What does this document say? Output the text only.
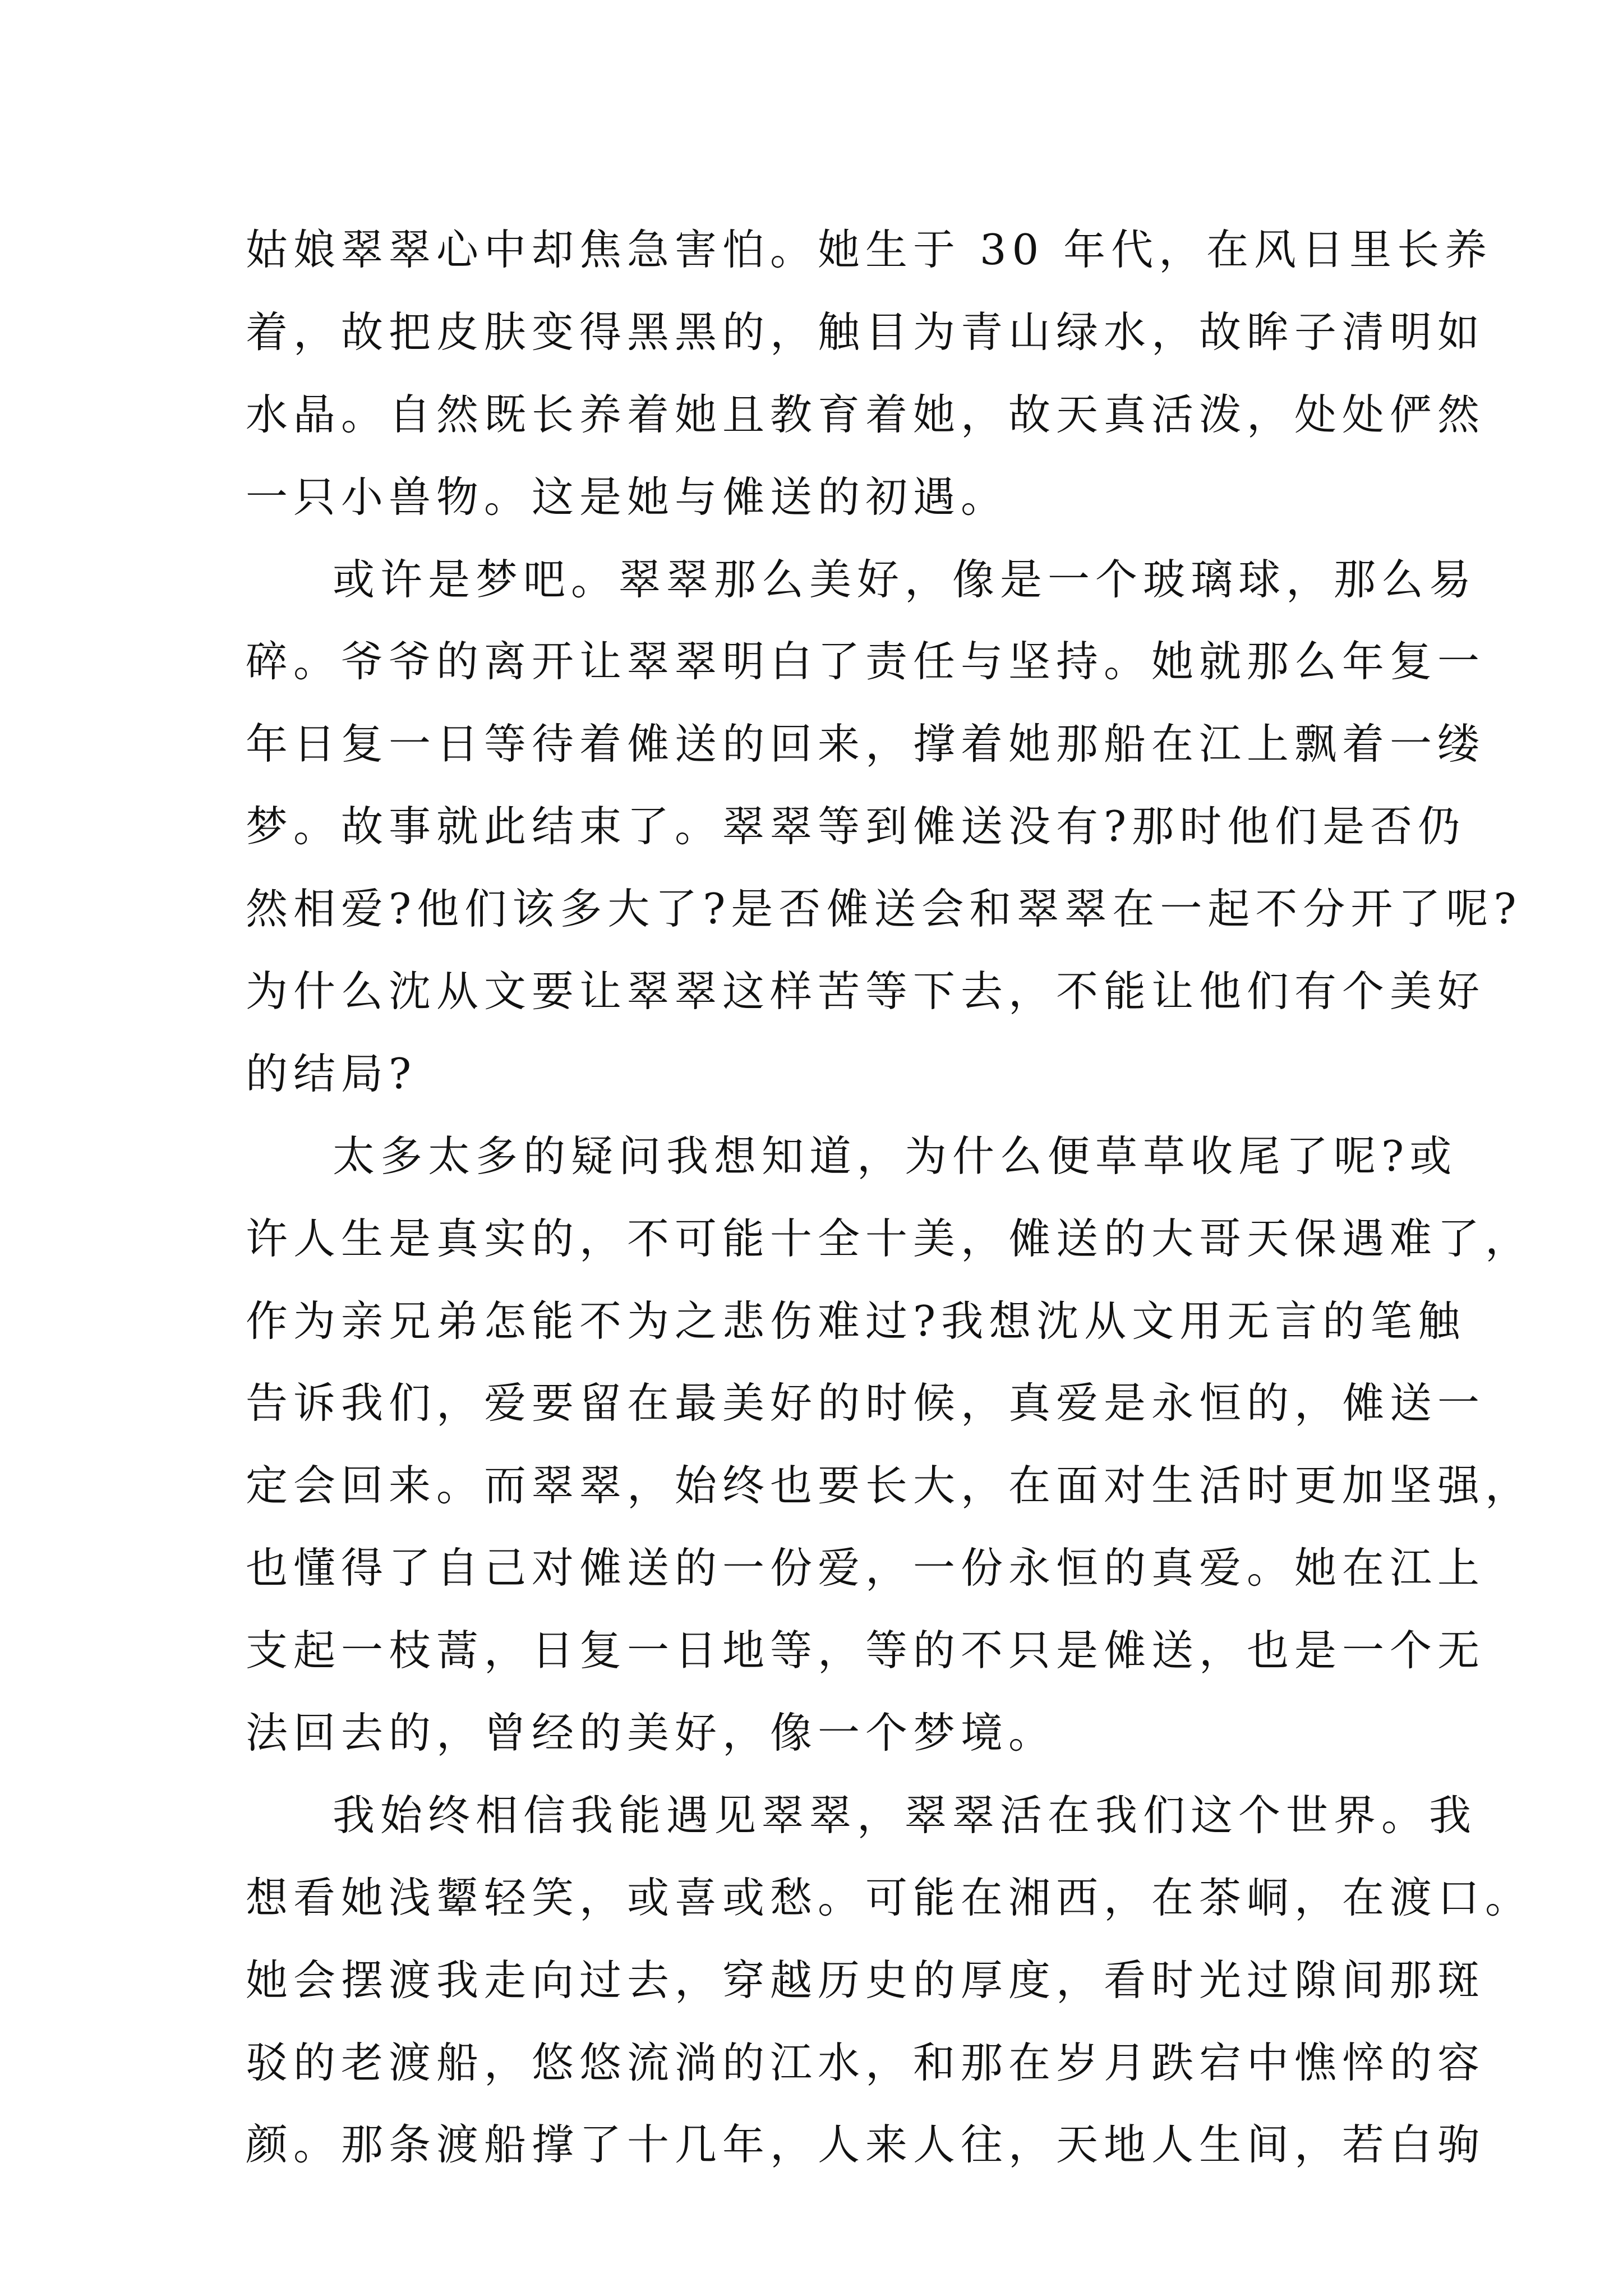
姑娘翠翠心中却焦急害怕。她生于 30 年代，在风日里长养
着，故把皮肤变得黑黑的，触目为青山绿水，故眸子清明如
水晶。自然既长养着她且教育着她，故天真活泼，处处俨然
一只小兽物。这是她与傩送的初遇。
或许是梦吧。翠翠那么美好，像是一个玻璃球，那么易
碎。爷爷的离开让翠翠明白了责任与坚持。她就那么年复一
年日复一日等待着傩送的回来，撑着她那船在江上飘着一缕
梦。故事就此结束了。翠翠等到傩送没有?那时他们是否仍
然相爱?他们该多大了?是否傩送会和翠翠在一起不分开了呢?
为什么沈从文要让翠翠这样苦等下去，不能让他们有个美好
的结局?
太多太多的疑问我想知道，为什么便草草收尾了呢?或
许人生是真实的，不可能十全十美，傩送的大哥天保遇难了，
作为亲兄弟怎能不为之悲伤难过?我想沈从文用无言的笔触
告诉我们，爱要留在最美好的时候，真爱是永恒的，傩送一
定会回来。而翠翠，始终也要长大，在面对生活时更加坚强，
也懂得了自己对傩送的一份爱，一份永恒的真爱。她在江上
支起一枝蒿，日复一日地等，等的不只是傩送，也是一个无
法回去的，曾经的美好，像一个梦境。
我始终相信我能遇见翠翠，翠翠活在我们这个世界。我
想看她浅颦轻笑，或喜或愁。可能在湘西，在茶峒，在渡口。
她会摆渡我走向过去，穿越历史的厚度，看时光过隙间那斑
驳的老渡船，悠悠流淌的江水，和那在岁月跌宕中憔悴的容
颜。那条渡船撑了十几年，人来人往，天地人生间，若白驹
